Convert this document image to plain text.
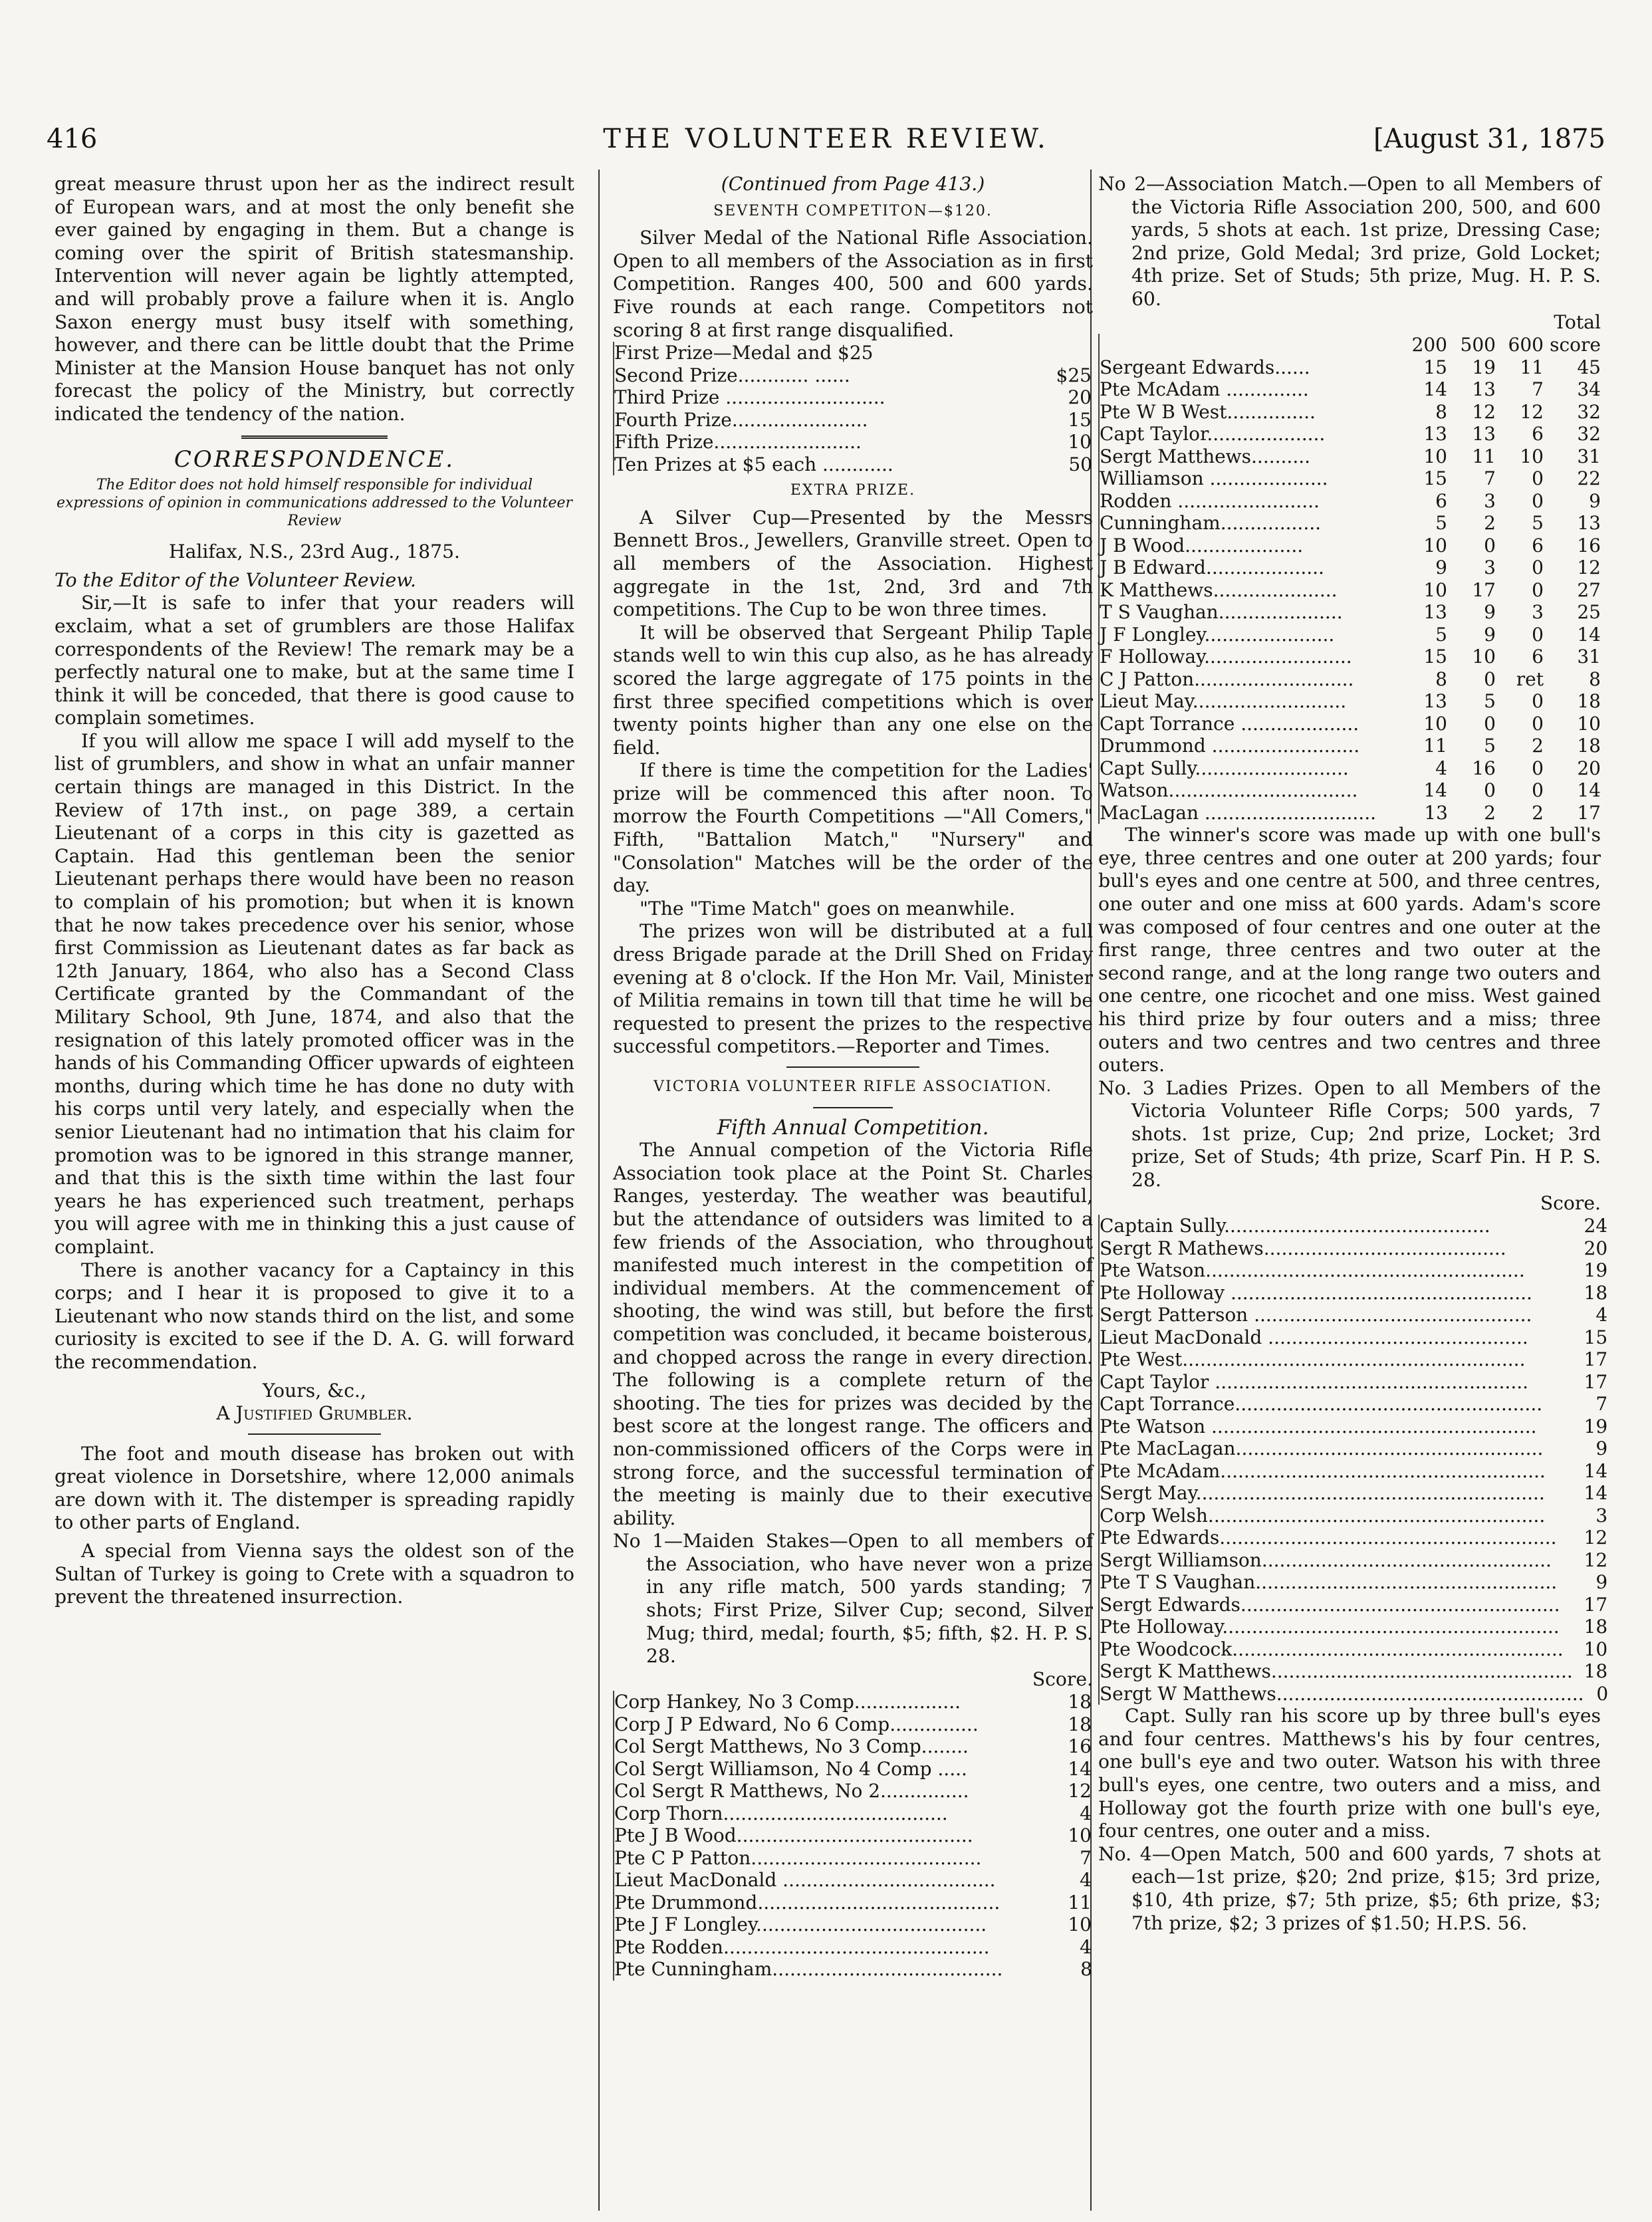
416	THE VOLUNTEER REVIEW.	[August 31, 1875

great measure thrust upon her as the indirect result of European wars, and at most the only benefit she ever gained by engaging in them. But a change is coming over the spirit of British statesmanship. Intervention will never again be lightly attempted, and will probably prove a failure when it is. Anglo Saxon energy must busy itself with something, however, and there can be little doubt that the Prime Minister at the Mansion House banquet has not only forecast the policy of the Ministry, but correctly indicated the tendency of the nation.

CORRESPONDENCE.

The Editor does not hold himself responsible for individual expressions of opinion in communications addressed to the Volunteer Review

Halifax, N.S., 23rd Aug., 1875.

To the Editor of the Volunteer Review.

Sir,—It is safe to infer that your readers will exclaim, what a set of grumblers are those Halifax correspondents of the Review! The remark may be a perfectly natural one to make, but at the same time I think it will be conceded, that there is good cause to complain sometimes.

If you will allow me space I will add myself to the list of grumblers, and show in what an unfair manner certain things are managed in this District. In the Review of 17th inst., on page 389, a certain Lieutenant of a corps in this city is gazetted as Captain. Had this gentleman been the senior Lieutenant perhaps there would have been no reason to complain of his promotion; but when it is known that he now takes precedence over his senior, whose first Commission as Lieutenant dates as far back as 12th January, 1864, who also has a Second Class Certificate granted by the Commandant of the Military School, 9th June, 1874, and also that the resignation of this lately promoted officer was in the hands of his Commanding Officer upwards of eighteen months, during which time he has done no duty with his corps until very lately, and especially when the senior Lieutenant had no intimation that his claim for promotion was to be ignored in this strange manner, and that this is the sixth time within the last four years he has experienced such treatment, perhaps you will agree with me in thinking this a just cause of complaint.

There is another vacancy for a Captaincy in this corps; and I hear it is proposed to give it to a Lieutenant who now stands third on the list, and some curiosity is excited to see if the D. A. G. will forward the recommendation.

Yours, &c.,

A Justified Grumbler.

The foot and mouth disease has broken out with great violence in Dorsetshire, where 12,000 animals are down with it. The distemper is spreading rapidly to other parts of England.

A special from Vienna says the oldest son of the Sultan of Turkey is going to Crete with a squadron to prevent the threatened insurrection.

(Continued from Page 413.)

SEVENTH COMPETITON—$120.

Silver Medal of the National Rifle Association. Open to all members of the Association as in first Competition. Ranges 400, 500 and 600 yards. Five rounds at each range. Competitors not scoring 8 at first range disqualified.

First Prize—Medal and $25	
Second Prize............ ......	$25
Third Prize ...........................	20
Fourth Prize.......................	15
Fifth Prize.........................	10
Ten Prizes at $5 each ............	50

EXTRA PRIZE.

A Silver Cup—Presented by the Messrs Bennett Bros., Jewellers, Granville street. Open to all members of the Association. Highest aggregate in the 1st, 2nd, 3rd and 7th competitions. The Cup to be won three times.

It will be observed that Sergeant Philip Taple stands well to win this cup also, as he has already scored the large aggregate of 175 points in the first three specified competitions which is over twenty points higher than any one else on the field.

If there is time the competition for the Ladies' prize will be commenced this after noon. To morrow the Fourth Competitions —"All Comers," Fifth, "Battalion Match," "Nursery" and "Consolation" Matches will be the order of the day.

"The "Time Match" goes on meanwhile.

The prizes won will be distributed at a full dress Brigade parade at the Drill Shed on Friday evening at 8 o'clock. If the Hon Mr. Vail, Minister of Militia remains in town till that time he will be requested to present the prizes to the respective successful competitors.—Reporter and Times.

VICTORIA VOLUNTEER RIFLE ASSOCIATION.

Fifth Annual Competition.

The Annual competion of the Victoria Rifle Association took place at the Point St. Charles Ranges, yesterday. The weather was beautiful, but the attendance of outsiders was limited to a few friends of the Association, who throughout manifested much interest in the competition of individual members. At the commencement of shooting, the wind was still, but before the first competition was concluded, it became boisterous, and chopped across the range in every direction. The following is a complete return of the shooting. The ties for prizes was decided by the best score at the longest range. The officers and non-commissioned officers of the Corps were in strong force, and the successful termination of the meeting is mainly due to their executive ability.

No 1—Maiden Stakes—Open to all members of the Association, who have never won a prize in any rifle match, 500 yards standing; 7 shots; First Prize, Silver Cup; second, Silver Mug; third, medal; fourth, $5; fifth, $2. H. P. S. 28.

Score.

Corp Hankey, No 3 Comp..................	18
Corp J P Edward, No 6 Comp...............	18
Col Sergt Matthews, No 3 Comp........	16
Col Sergt Williamson, No 4 Comp .....	14
Col Sergt R Matthews, No 2...............	12
Corp Thorn......................................	4
Pte J B Wood........................................	10
Pte C P Patton.......................................	7
Lieut MacDonald ....................................	4
Pte Drummond.........................................	11
Pte J F Longley.......................................	10
Pte Rodden.............................................	4
Pte Cunningham.......................................	8

No 2—Association Match.—Open to all Members of the Victoria Rifle Association 200, 500, and 600 yards, 5 shots at each. 1st prize, Dressing Case; 2nd prize, Gold Medal; 3rd prize, Gold Locket; 4th prize. Set of Studs; 5th prize, Mug. H. P. S. 60.

Total

	200	500	600	score
Sergeant Edwards......	15	19	11	45
Pte McAdam ..............	14	13	7	34
Pte W B West...............	8	12	12	32
Capt Taylor....................	13	13	6	32
Sergt Matthews..........	10	11	10	31
Williamson ....................	15	7	0	22
Rodden ........................	6	3	0	9
Cunningham.................	5	2	5	13
J B Wood....................	10	0	6	16
J B Edward....................	9	3	0	12
K Matthews.....................	10	17	0	27
T S Vaughan.....................	13	9	3	25
J F Longley......................	5	9	0	14
F Holloway.........................	15	10	6	31
C J Patton...........................	8	0	ret	8
Lieut May..........................	13	5	0	18
Capt Torrance ....................	10	0	0	10
Drummond .........................	11	5	2	18
Capt Sully..........................	4	16	0	20
Watson................................	14	0	0	14
MacLagan .............................	13	2	2	17

The winner's score was made up with one bull's eye, three centres and one outer at 200 yards; four bull's eyes and one centre at 500, and three centres, one outer and one miss at 600 yards. Adam's score was composed of four centres and one outer at the first range, three centres and two outer at the second range, and at the long range two outers and one centre, one ricochet and one miss. West gained his third prize by four outers and a miss; three outers and two centres and two centres and three outers.

No. 3 Ladies Prizes. Open to all Members of the Victoria Volunteer Rifle Corps; 500 yards, 7 shots. 1st prize, Cup; 2nd prize, Locket; 3rd prize, Set of Studs; 4th prize, Scarf Pin. H P. S. 28.

Score.

Captain Sully.............................................	24
Sergt R Mathews.........................................	20
Pte Watson......................................................	19
Pte Holloway ...................................................	18
Sergt Patterson ...............................................	4
Lieut MacDonald ............................................	15
Pte West..........................................................	17
Capt Taylor .....................................................	17
Capt Torrance....................................................	7
Pte Watson .......................................................	19
Pte MacLagan....................................................	9
Pte McAdam.......................................................	14
Sergt May...........................................................	14
Corp Welsh.........................................................	3
Pte Edwards.........................................................	12
Sergt Williamson.................................................	12
Pte T S Vaughan...................................................	9
Sergt Edwards......................................................	17
Pte Holloway.........................................................	18
Pte Woodcock........................................................	10
Sergt K Matthews...................................................	18
Sergt W Matthews....................................................	0

Capt. Sully ran his score up by three bull's eyes and four centres. Matthews's his by four centres, one bull's eye and two outer. Watson his with three bull's eyes, one centre, two outers and a miss, and Holloway got the fourth prize with one bull's eye, four centres, one outer and a miss.

No. 4—Open Match, 500 and 600 yards, 7 shots at each—1st prize, $20; 2nd prize, $15; 3rd prize, $10, 4th prize, $7; 5th prize, $5; 6th prize, $3; 7th prize, $2; 3 prizes of $1.50; H.P.S. 56.
